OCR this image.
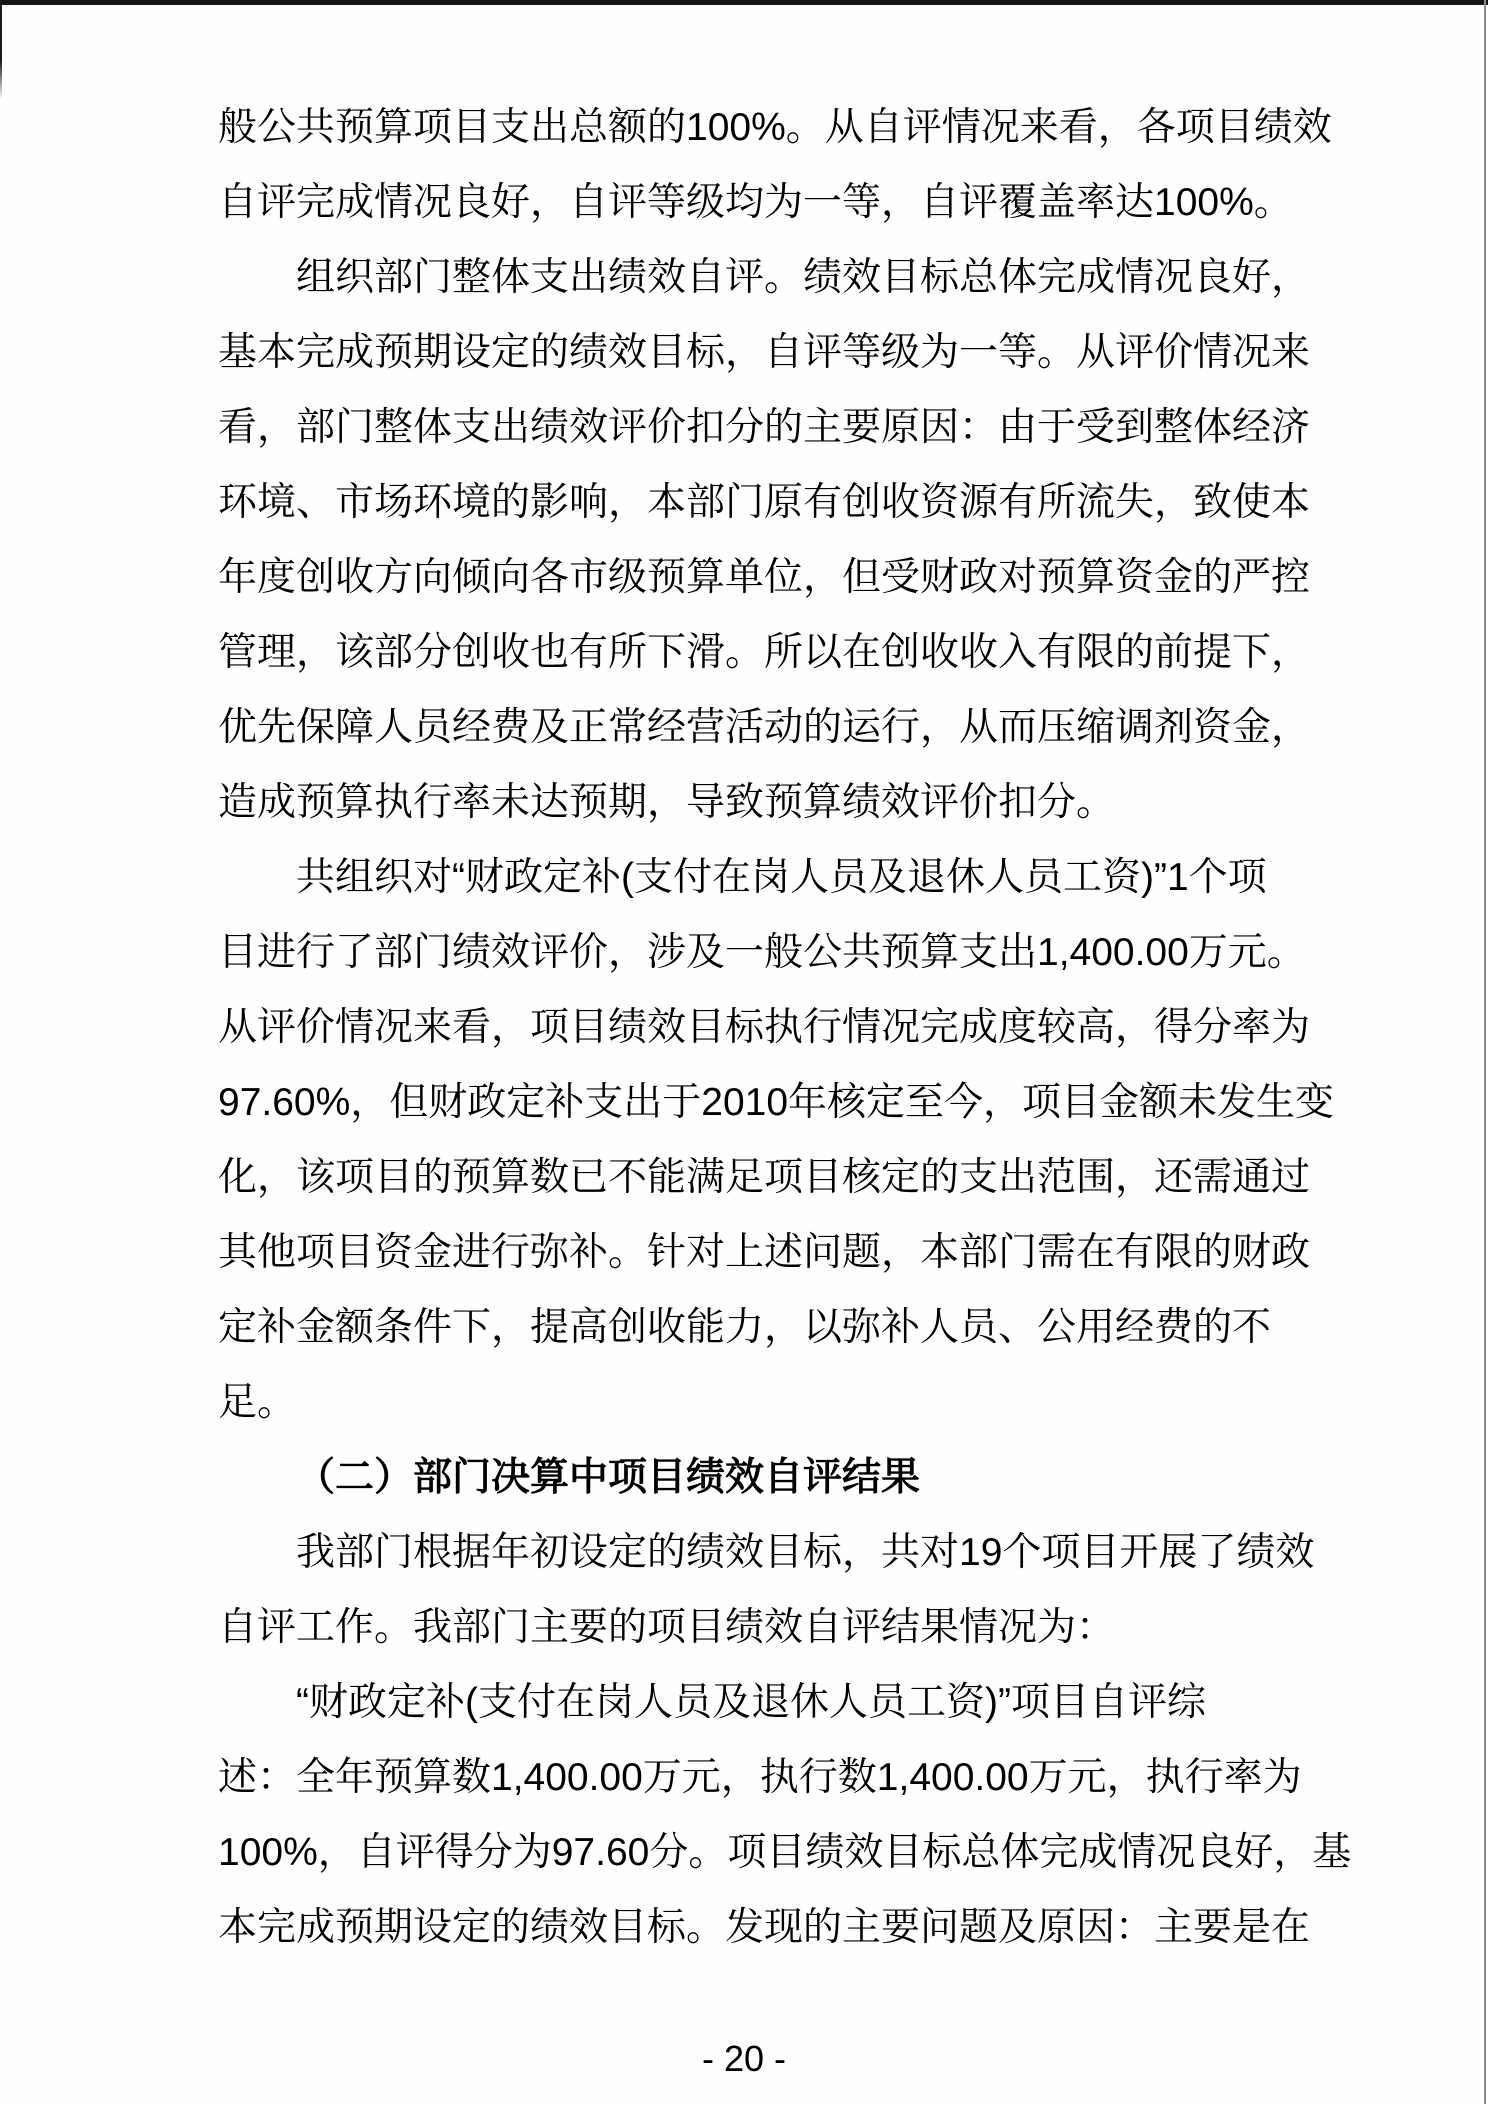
般公共预算项目支出总额的100%。从自评情况来看，各项目绩效
自评完成情况良好，自评等级均为一等，自评覆盖率达100%。
组织部门整体支出绩效自评。绩效目标总体完成情况良好，
基本完成预期设定的绩效目标，自评等级为一等。从评价情况来
看，部门整体支出绩效评价扣分的主要原因：由于受到整体经济
环境、市场环境的影响，本部门原有创收资源有所流失，致使本
年度创收方向倾向各市级预算单位，但受财政对预算资金的严控
管理，该部分创收也有所下滑。所以在创收收入有限的前提下，
优先保障人员经费及正常经营活动的运行，从而压缩调剂资金，
造成预算执行率未达预期，导致预算绩效评价扣分。
共组织对“财政定补(支付在岗人员及退休人员工资)”1个项
目进行了部门绩效评价，涉及一般公共预算支出1,400.00万元。
从评价情况来看，项目绩效目标执行情况完成度较高，得分率为
97.60%，但财政定补支出于2010年核定至今，项目金额未发生变
化，该项目的预算数已不能满足项目核定的支出范围，还需通过
其他项目资金进行弥补。针对上述问题，本部门需在有限的财政
定补金额条件下，提高创收能力，以弥补人员、公用经费的不
足。
（二）部门决算中项目绩效自评结果
我部门根据年初设定的绩效目标，共对19个项目开展了绩效
自评工作。我部门主要的项目绩效自评结果情况为：
“财政定补(支付在岗人员及退休人员工资)”项目自评综
述：全年预算数1,400.00万元，执行数1,400.00万元，执行率为
100%，自评得分为97.60分。项目绩效目标总体完成情况良好，基
本完成预期设定的绩效目标。发现的主要问题及原因：主要是在
- 20 -
